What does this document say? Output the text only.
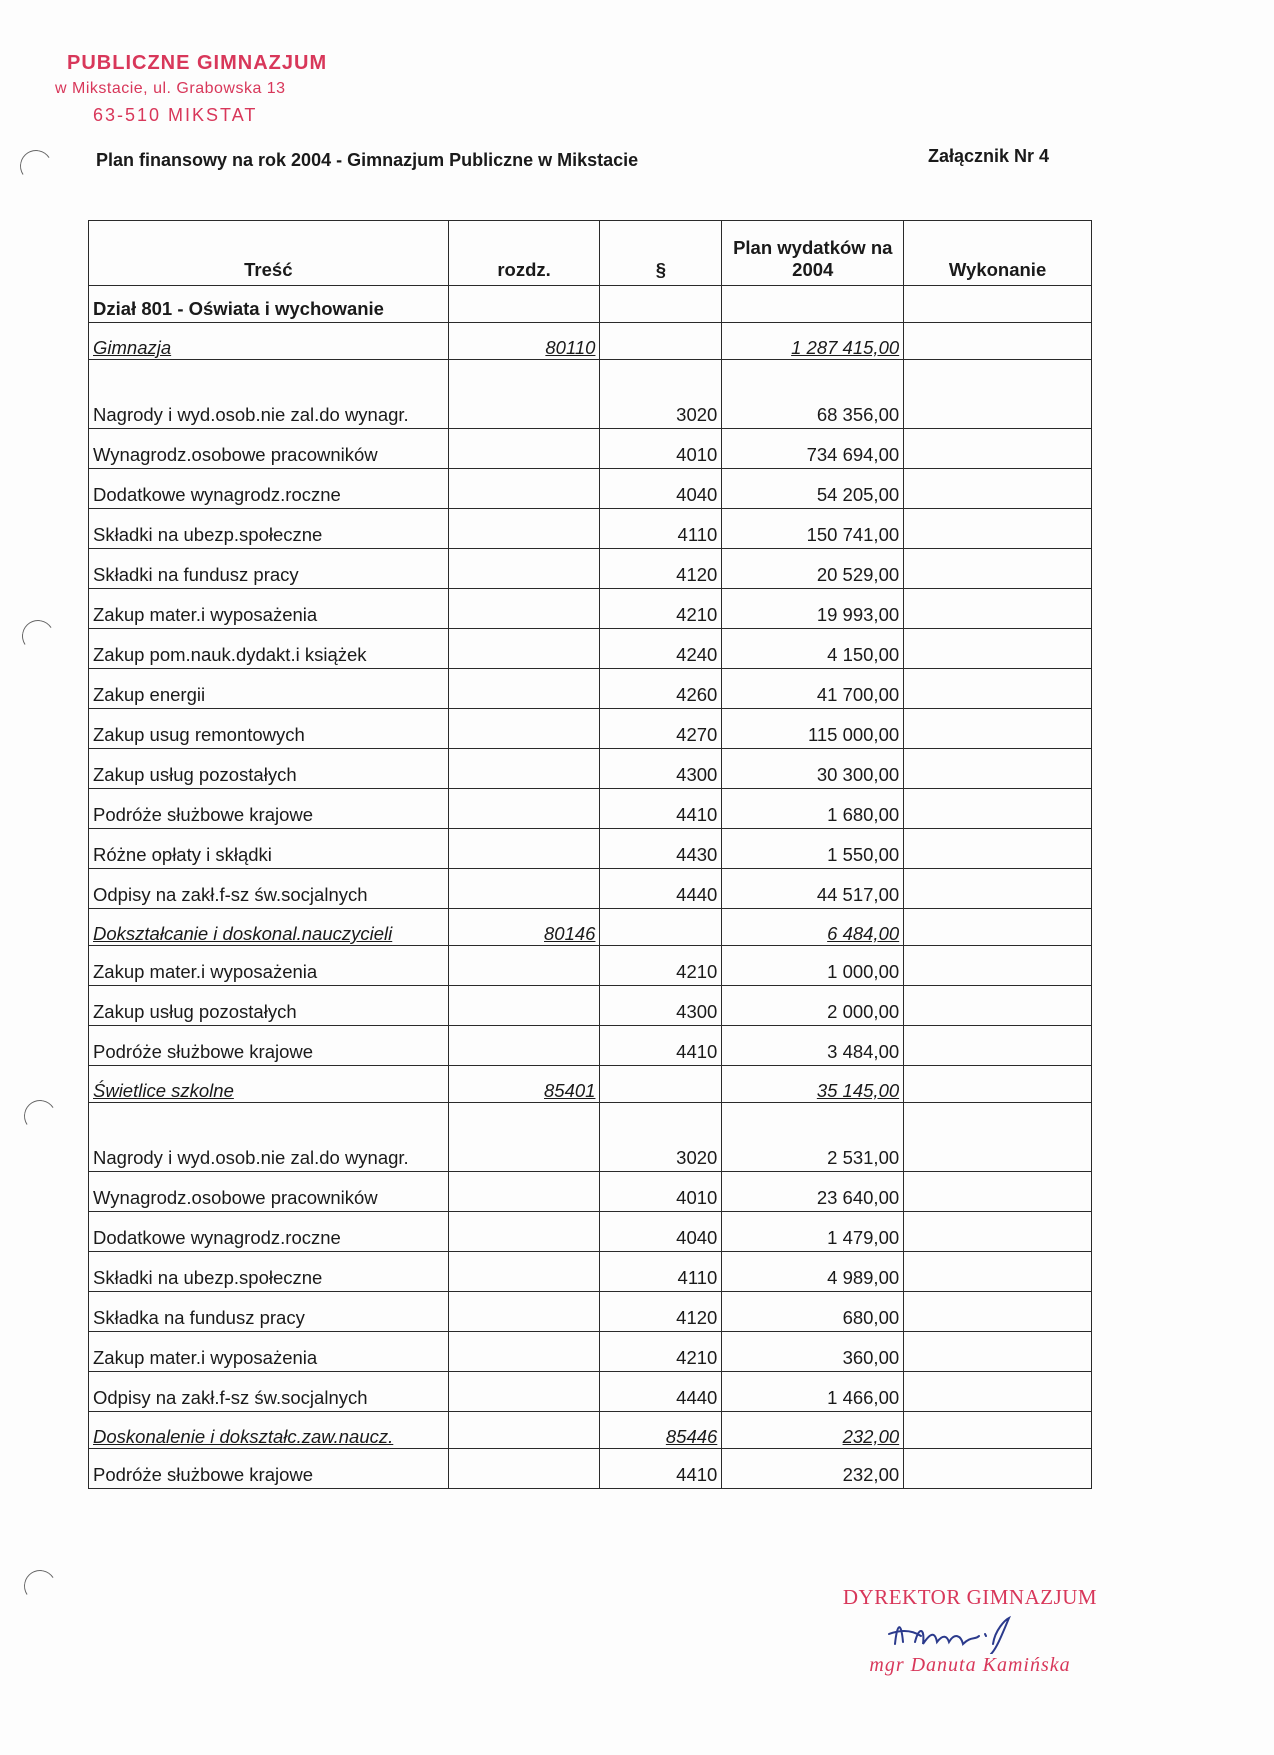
PUBLICZNE GIMNAZJUM
w Mikstacie, ul. Grabowska 13
63-510 MIKSTAT
Plan finansowy na rok 2004 - Gimnazjum Publiczne w Mikstacie	Załącznik Nr 4
Treść	rozdz.	§	Plan wydatków na 2004	Wykonanie
Dział 801 - Oświata i wychowanie				
Gimnazja	80110		1 287 415,00	
Nagrody i wyd.osob.nie zal.do wynagr.		3020	68 356,00	
Wynagrodz.osobowe pracowników		4010	734 694,00	
Dodatkowe wynagrodz.roczne		4040	54 205,00	
Składki na ubezp.społeczne		4110	150 741,00	
Składki na fundusz pracy		4120	20 529,00	
Zakup mater.i wyposażenia		4210	19 993,00	
Zakup pom.nauk.dydakt.i książek		4240	4 150,00	
Zakup energii		4260	41 700,00	
Zakup usug remontowych		4270	115 000,00	
Zakup usług pozostałych		4300	30 300,00	
Podróże służbowe krajowe		4410	1 680,00	
Różne opłaty i skłądki		4430	1 550,00	
Odpisy na zakł.f-sz św.socjalnych		4440	44 517,00	
Dokształcanie i doskonal.nauczycieli	80146		6 484,00	
Zakup mater.i wyposażenia		4210	1 000,00	
Zakup usług pozostałych		4300	2 000,00	
Podróże służbowe krajowe		4410	3 484,00	
Świetlice szkolne	85401		35 145,00	
Nagrody i wyd.osob.nie zal.do wynagr.		3020	2 531,00	
Wynagrodz.osobowe pracowników		4010	23 640,00	
Dodatkowe wynagrodz.roczne		4040	1 479,00	
Składki na ubezp.społeczne		4110	4 989,00	
Składka na fundusz pracy		4120	680,00	
Zakup mater.i wyposażenia		4210	360,00	
Odpisy na zakł.f-sz św.socjalnych		4440	1 466,00	
Doskonalenie i dokształc.zaw.naucz.		85446	232,00	
Podróże służbowe krajowe		4410	232,00	
DYREKTOR GIMNAZJUM
mgr Danuta Kamińska
